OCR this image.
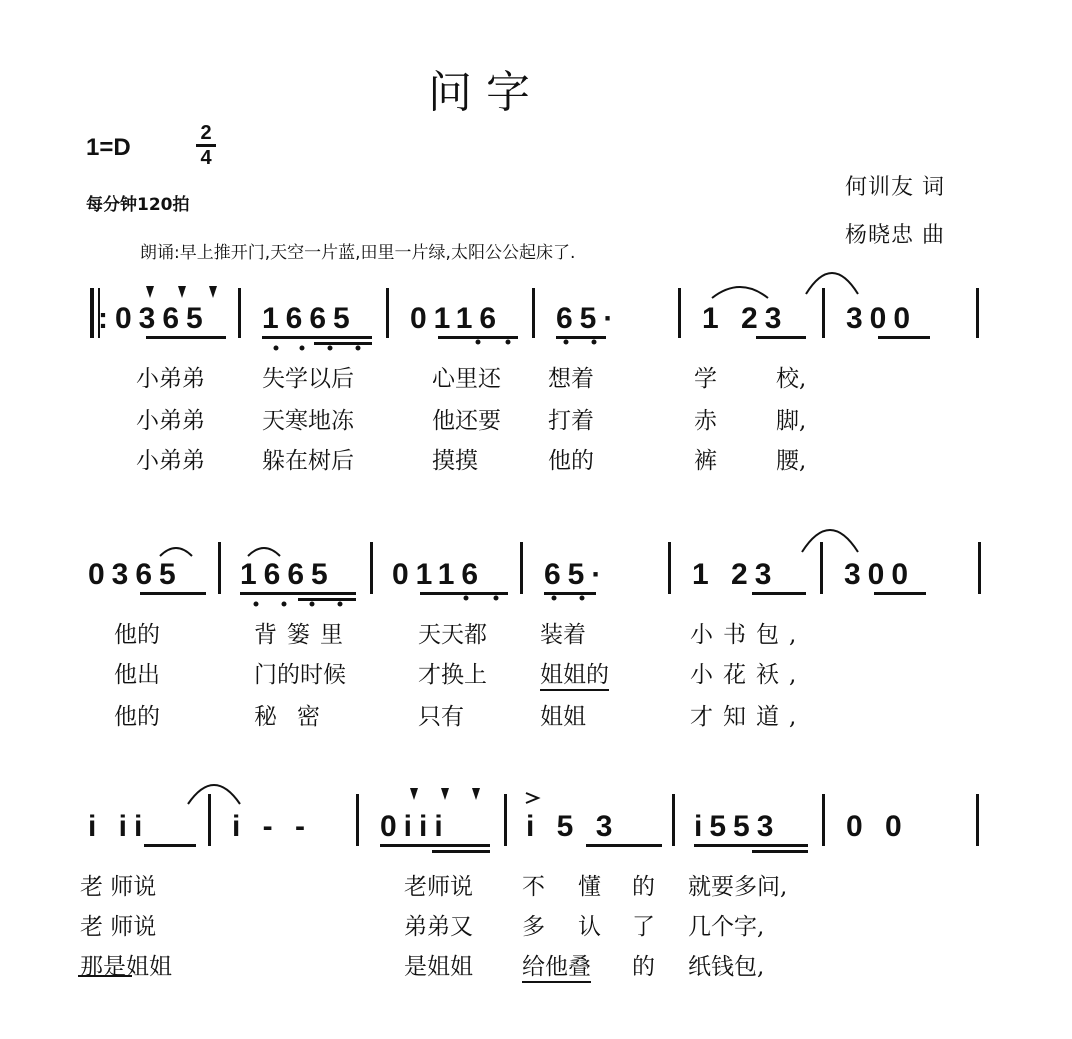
问 字
1=D
2
4
每分钟120拍
何训友 词
杨晓忠 曲
朗诵:早上推开门,天空一片蓝,田里一片绿,太阳公公起床了.
:0365 1665 0116 65·	1 23 300
小弟弟 失学以后	心里还 想着	学	校,
小弟弟 天寒地冻	他还要 打着	赤	脚,
小弟弟 躲在树后	摸摸	他的	裤	腰,
0365 1665 0116 65·	1 23 300
他的	背篓里	天天都 装着	小书包,
他出	门的时候	才换上 姐姐的	小花袄,
他的	秘密	只有	姐姐	才知道,
i ii	i - - 0iii	i 5 3 i553 0 0
老 师说	老师说 不 懂 的 就要多问,
老 师说	弟弟又 多 认 了 几个字,
那是姐姐	是姐姐 给他叠 的 纸钱包,
